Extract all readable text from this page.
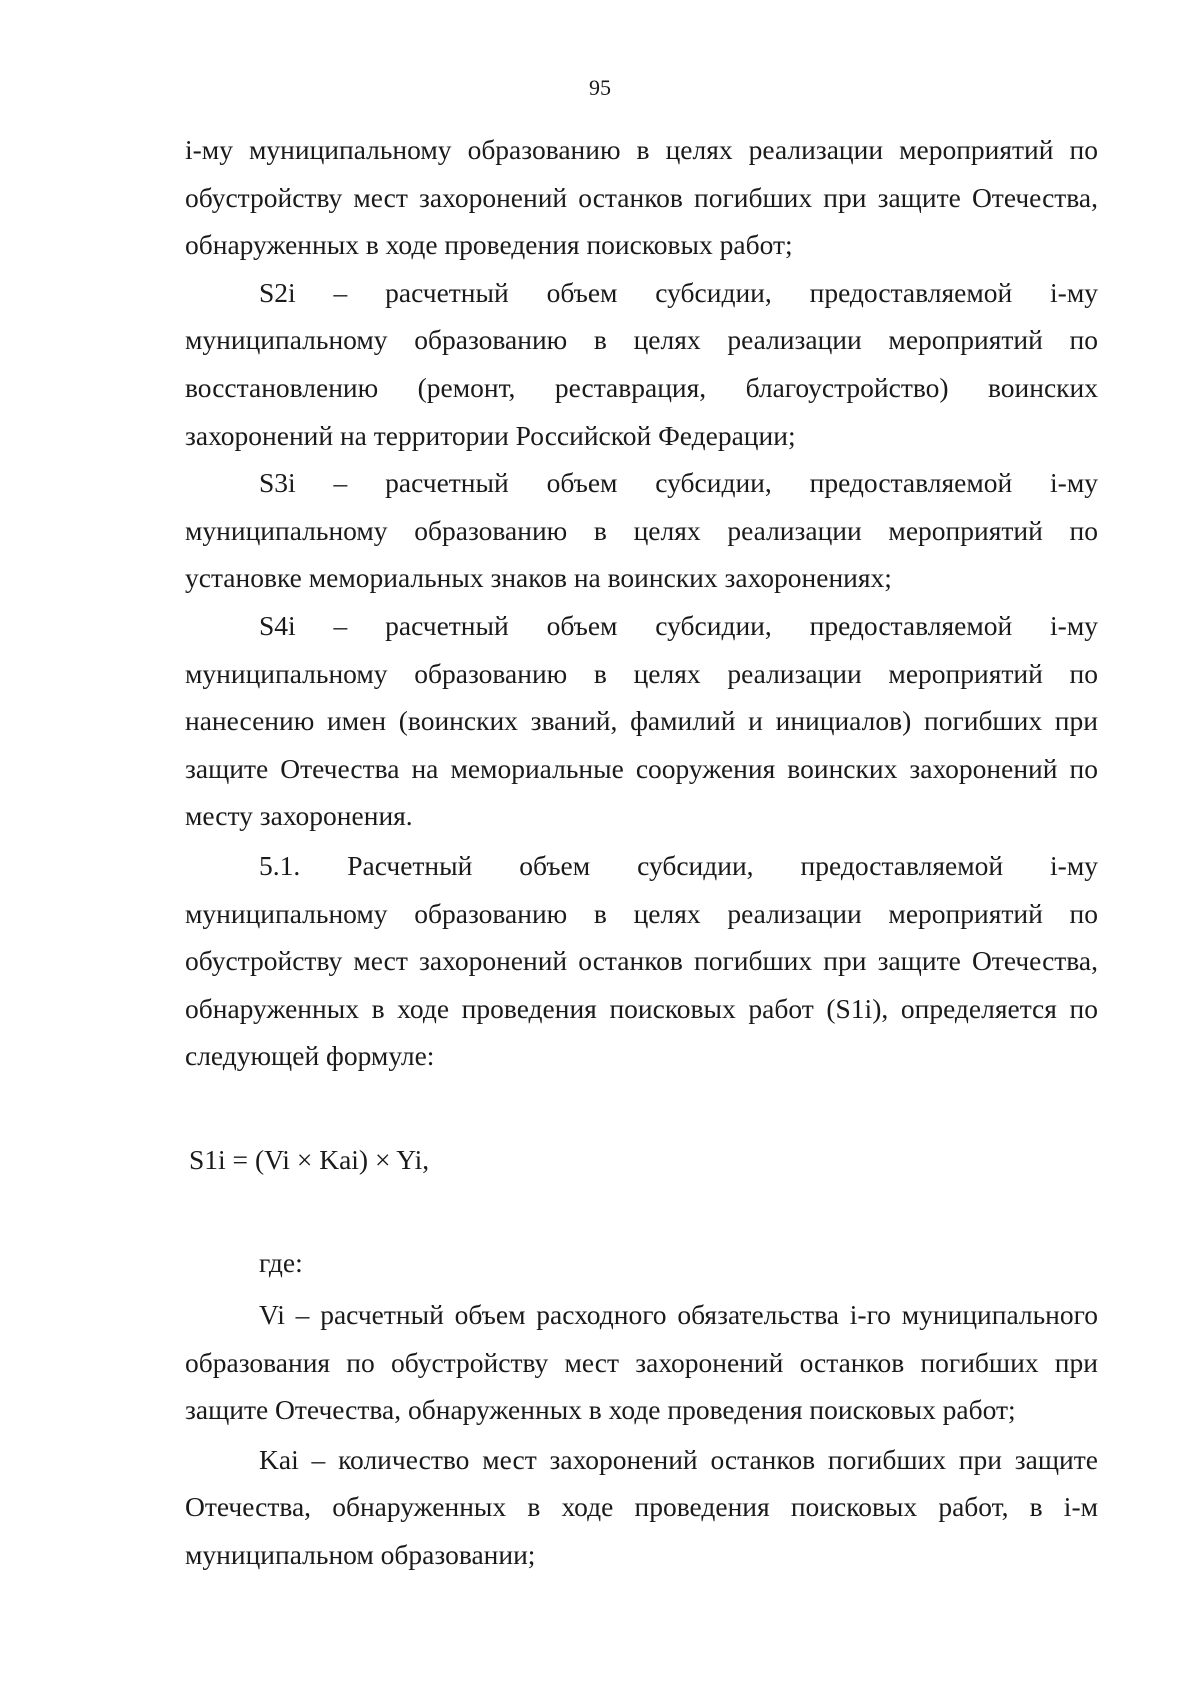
95

i-му муниципальному образованию в целях реализации мероприятий по обустройству мест захоронений останков погибших при защите Отечества, обнаруженных в ходе проведения поисковых работ;

S2i – расчетный объем субсидии, предоставляемой i-му муниципальному образованию в целях реализации мероприятий по восстановлению (ремонт, реставрация, благоустройство) воинских захоронений на территории Российской Федерации;

S3i – расчетный объем субсидии, предоставляемой i-му муниципальному образованию в целях реализации мероприятий по установке мемориальных знаков на воинских захоронениях;

S4i – расчетный объем субсидии, предоставляемой i-му муниципальному образованию в целях реализации мероприятий по нанесению имен (воинских званий, фамилий и инициалов) погибших при защите Отечества на мемориальные сооружения воинских захоронений по месту захоронения.

5.1. Расчетный объем субсидии, предоставляемой i-му муниципальному образованию в целях реализации мероприятий по обустройству мест захоронений останков погибших при защите Отечества, обнаруженных в ходе проведения поисковых работ (S1i), определяется по следующей формуле:

S1i = (Vi × Kai) × Yi,

где:

Vi – расчетный объем расходного обязательства i-го муниципального образования по обустройству мест захоронений останков погибших при защите Отечества, обнаруженных в ходе проведения поисковых работ;

Kai – количество мест захоронений останков погибших при защите Отечества, обнаруженных в ходе проведения поисковых работ, в i-м муниципальном образовании;
